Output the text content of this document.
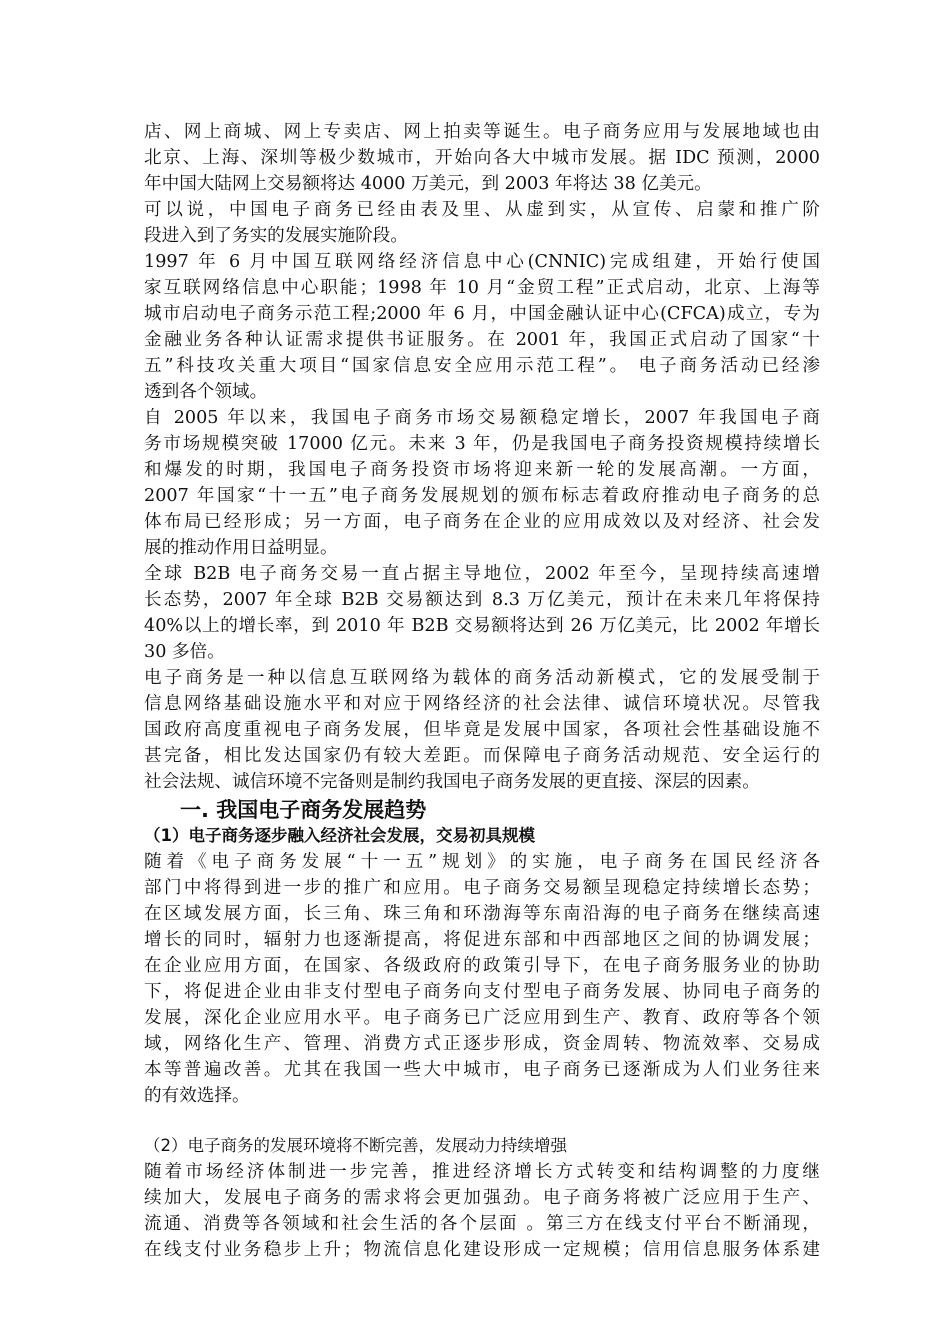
店、网上商城、网上专卖店、网上拍卖等诞生。电子商务应用与发展地域也由
北京、上海、深圳等极少数城市，开始向各大中城市发展。据 IDC 预测，2000
年中国大陆网上交易额将达 4000 万美元，到 2003 年将达 38 亿美元。
可以说，中国电子商务已经由表及里、从虚到实，从宣传、启蒙和推广阶
段进入到了务实的发展实施阶段。
1997 年 6 月中国互联网络经济信息中心(CNNIC)完成组建，开始行使国
家互联网络信息中心职能；1998 年 10 月“金贸工程”正式启动，北京、上海等
城市启动电子商务示范工程;2000 年 6 月，中国金融认证中心(CFCA)成立，专为
金融业务各种认证需求提供书证服务。在 2001 年，我国正式启动了国家“十
五”科技攻关重大项目“国家信息安全应用示范工程”。 电子商务活动已经渗
透到各个领域。
自 2005 年以来，我国电子商务市场交易额稳定增长，2007 年我国电子商
务市场规模突破 17000 亿元。未来 3 年，仍是我国电子商务投资规模持续增长
和爆发的时期，我国电子商务投资市场将迎来新一轮的发展高潮。一方面，
2007 年国家“十一五”电子商务发展规划的颁布标志着政府推动电子商务的总
体布局已经形成；另一方面，电子商务在企业的应用成效以及对经济、社会发
展的推动作用日益明显。
全球 B2B 电子商务交易一直占据主导地位，2002 年至今，呈现持续高速增
长态势，2007 年全球 B2B 交易额达到 8.3 万亿美元，预计在未来几年将保持
40%以上的增长率，到 2010 年 B2B 交易额将达到 26 万亿美元，比 2002 年增长
30 多倍。
电子商务是一种以信息互联网络为载体的商务活动新模式，它的发展受制于
信息网络基础设施水平和对应于网络经济的社会法律、诚信环境状况。尽管我
国政府高度重视电子商务发展，但毕竟是发展中国家，各项社会性基础设施不
甚完备，相比发达国家仍有较大差距。而保障电子商务活动规范、安全运行的
社会法规、诚信环境不完备则是制约我国电子商务发展的更直接、深层的因素。
一. 我国电子商务发展趋势
（1）电子商务逐步融入经济社会发展，交易初具规模
随着《电子商务发展“十一五”规划》的实施，电子商务在国民经济各
部门中将得到进一步的推广和应用。电子商务交易额呈现稳定持续增长态势；
在区域发展方面，长三角、珠三角和环渤海等东南沿海的电子商务在继续高速
增长的同时，辐射力也逐渐提高，将促进东部和中西部地区之间的协调发展；
在企业应用方面，在国家、各级政府的政策引导下，在电子商务服务业的协助
下，将促进企业由非支付型电子商务向支付型电子商务发展、协同电子商务的
发展，深化企业应用水平。电子商务已广泛应用到生产、教育、政府等各个领
域，网络化生产、管理、消费方式正逐步形成，资金周转、物流效率、交易成
本等普遍改善。尤其在我国一些大中城市，电子商务已逐渐成为人们业务往来
的有效选择。
（2）电子商务的发展环境将不断完善，发展动力持续增强
随着市场经济体制进一步完善，推进经济增长方式转变和结构调整的力度继
续加大，发展电子商务的需求将会更加强劲。电子商务将被广泛应用于生产、
流通、消费等各领域和社会生活的各个层面 。第三方在线支付平台不断涌现，
在线支付业务稳步上升；物流信息化建设形成一定规模；信用信息服务体系建
